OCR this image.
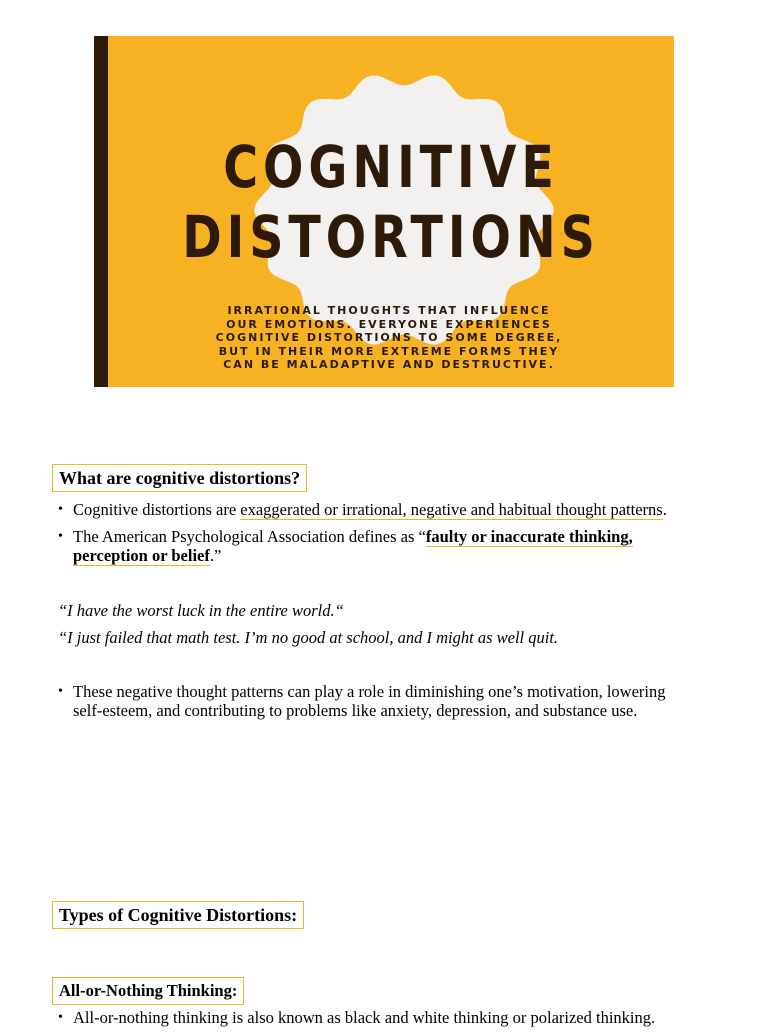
COGNITIVE
DISTORTIONS
IRRATIONAL THOUGHTS THAT INFLUENCE
OUR EMOTIONS. EVERYONE EXPERIENCES
COGNITIVE DISTORTIONS TO SOME DEGREE,
BUT IN THEIR MORE EXTREME FORMS THEY
CAN BE MALADAPTIVE AND DESTRUCTIVE.
What are cognitive distortions?
• Cognitive distortions are exaggerated or irrational, negative and habitual thought patterns.
• The American Psychological Association defines as “faulty or inaccurate thinking,
perception or belief.”
“I have the worst luck in the entire world.“
“I just failed that math test. I’m no good at school, and I might as well quit.
• These negative thought patterns can play a role in diminishing one’s motivation, lowering
self-esteem, and contributing to problems like anxiety, depression, and substance use.
Types of Cognitive Distortions:
All-or-Nothing Thinking:
• All-or-nothing thinking is also known as black and white thinking or polarized thinking.
